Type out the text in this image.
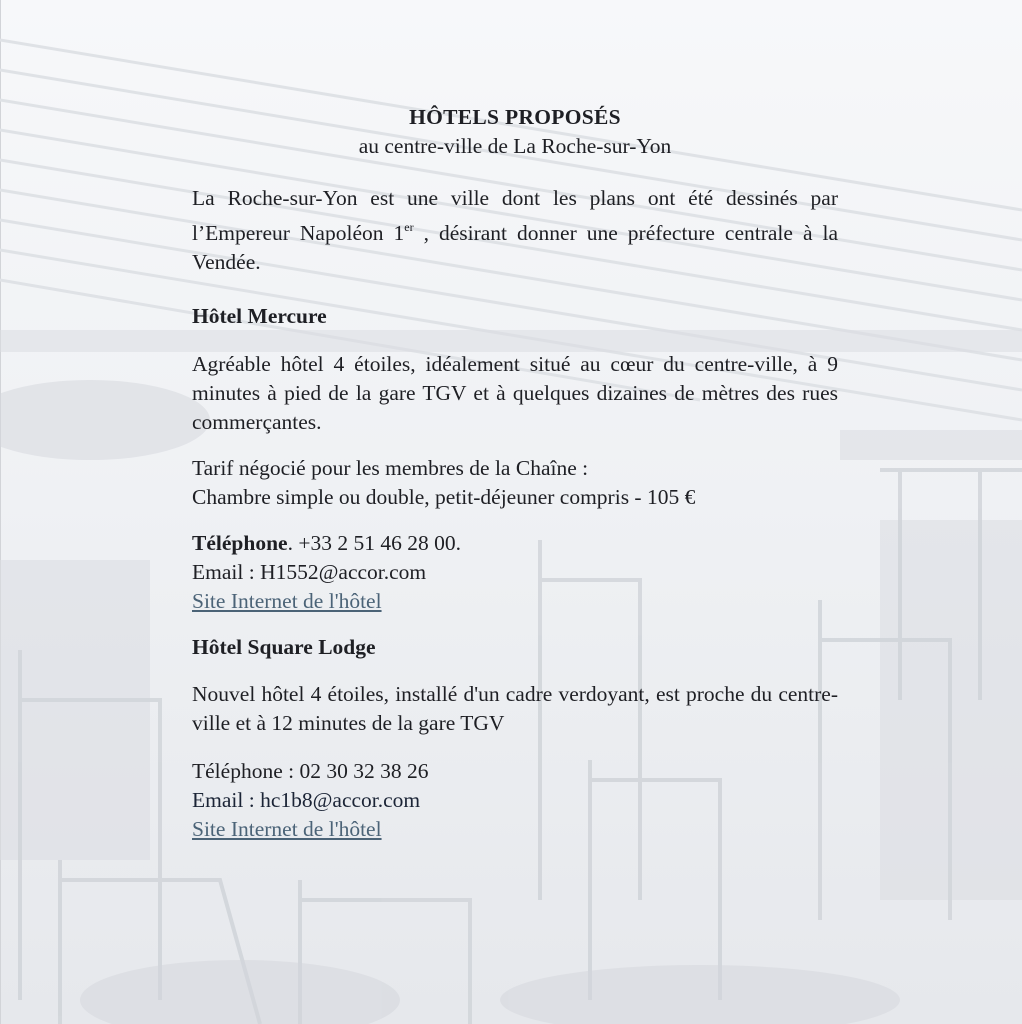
HÔTELS PROPOSÉS
au centre-ville de La Roche-sur-Yon

La Roche-sur-Yon est une ville dont les plans ont été dessinés par l’Empereur Napoléon 1er , désirant donner une préfecture centrale à la Vendée.

Hôtel Mercure

Agréable hôtel 4 étoiles, idéalement situé au cœur du centre-ville, à 9 minutes à pied de la gare TGV et à quelques dizaines de mètres des rues commerçantes.

Tarif négocié pour les membres de la Chaîne :
Chambre simple ou double, petit-déjeuner compris - 105 €
Téléphone. +33 2 51 46 28 00.
Email : H1552@accor.com
Site Internet de l'hôtel

Hôtel Square Lodge

Nouvel hôtel 4 étoiles, installé d'un cadre verdoyant, est proche du centre-ville et à 12 minutes de la gare TGV

Téléphone : 02 30 32 38 26
Email : hc1b8@accor.com
Site Internet de l'hôtel
